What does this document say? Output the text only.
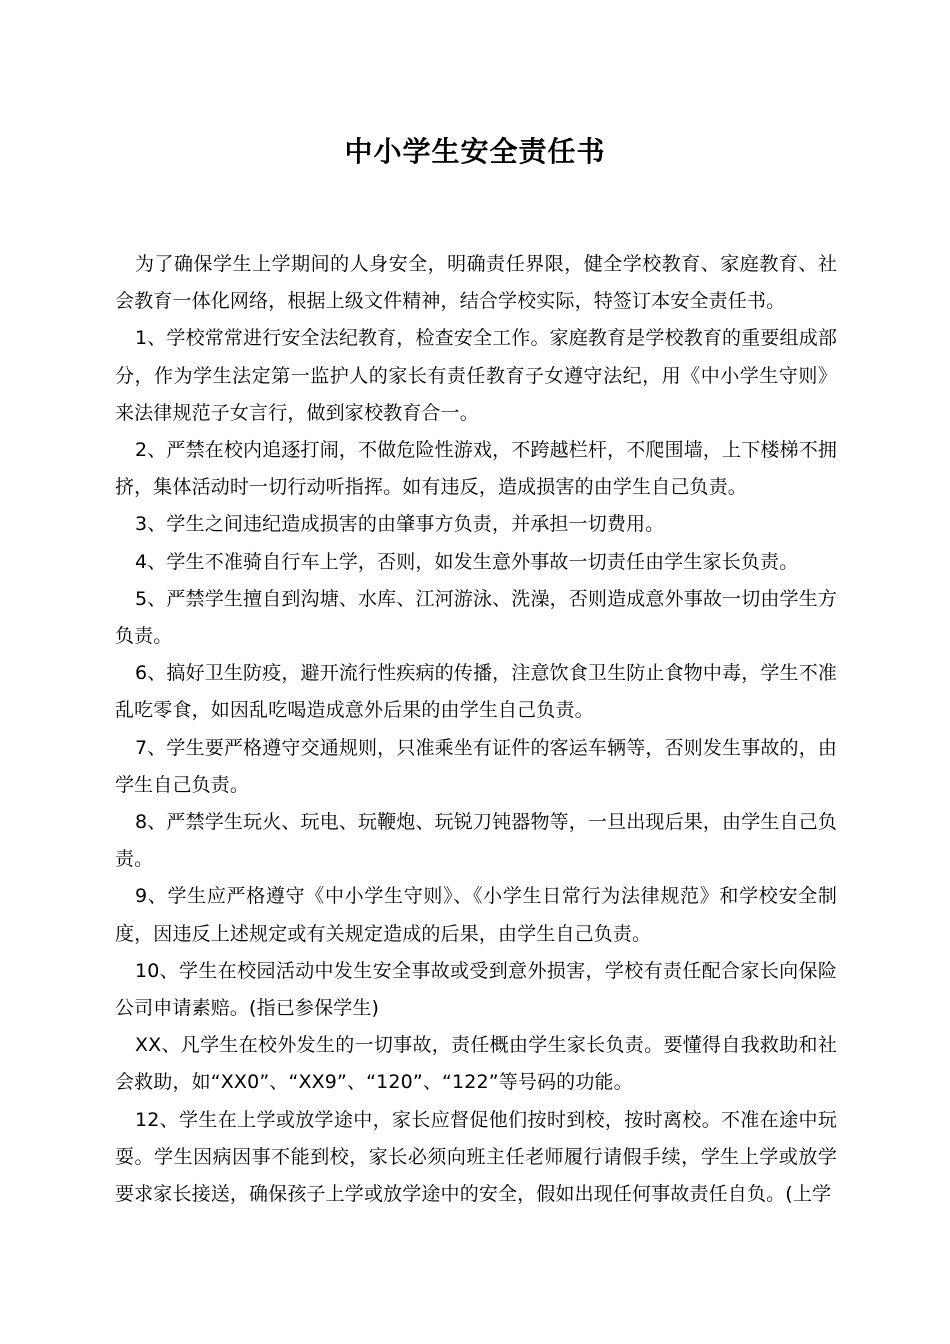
中小学生安全责任书

为了确保学生上学期间的人身安全，明确责任界限，健全学校教育、家庭教育、社会教育一体化网络，根据上级文件精神，结合学校实际，特签订本安全责任书。

1、学校常常进行安全法纪教育，检查安全工作。家庭教育是学校教育的重要组成部分，作为学生法定第一监护人的家长有责任教育子女遵守法纪，用《中小学生守则》来法律规范子女言行，做到家校教育合一。

2、严禁在校内追逐打闹，不做危险性游戏，不跨越栏杆，不爬围墙，上下楼梯不拥挤，集体活动时一切行动听指挥。如有违反，造成损害的由学生自己负责。

3、学生之间违纪造成损害的由肇事方负责，并承担一切费用。

4、学生不准骑自行车上学，否则，如发生意外事故一切责任由学生家长负责。

5、严禁学生擅自到沟塘、水库、江河游泳、洗澡，否则造成意外事故一切由学生方负责。

6、搞好卫生防疫，避开流行性疾病的传播，注意饮食卫生防止食物中毒，学生不准乱吃零食，如因乱吃喝造成意外后果的由学生自己负责。

7、学生要严格遵守交通规则，只准乘坐有证件的客运车辆等，否则发生事故的，由学生自己负责。

8、严禁学生玩火、玩电、玩鞭炮、玩锐刀钝器物等，一旦出现后果，由学生自己负责。

9、学生应严格遵守《中小学生守则》、《小学生日常行为法律规范》和学校安全制度，因违反上述规定或有关规定造成的后果，由学生自己负责。

10、学生在校园活动中发生安全事故或受到意外损害，学校有责任配合家长向保险公司申请素赔。(指已参保学生)

XX、凡学生在校外发生的一切事故，责任概由学生家长负责。要懂得自我救助和社会救助，如“XX0”、“XX9”、“120”、“122”等号码的功能。

12、学生在上学或放学途中，家长应督促他们按时到校，按时离校。不准在途中玩耍。学生因病因事不能到校，家长必须向班主任老师履行请假手续，学生上学或放学要求家长接送，确保孩子上学或放学途中的安全，假如出现任何事故责任自负。(上学
